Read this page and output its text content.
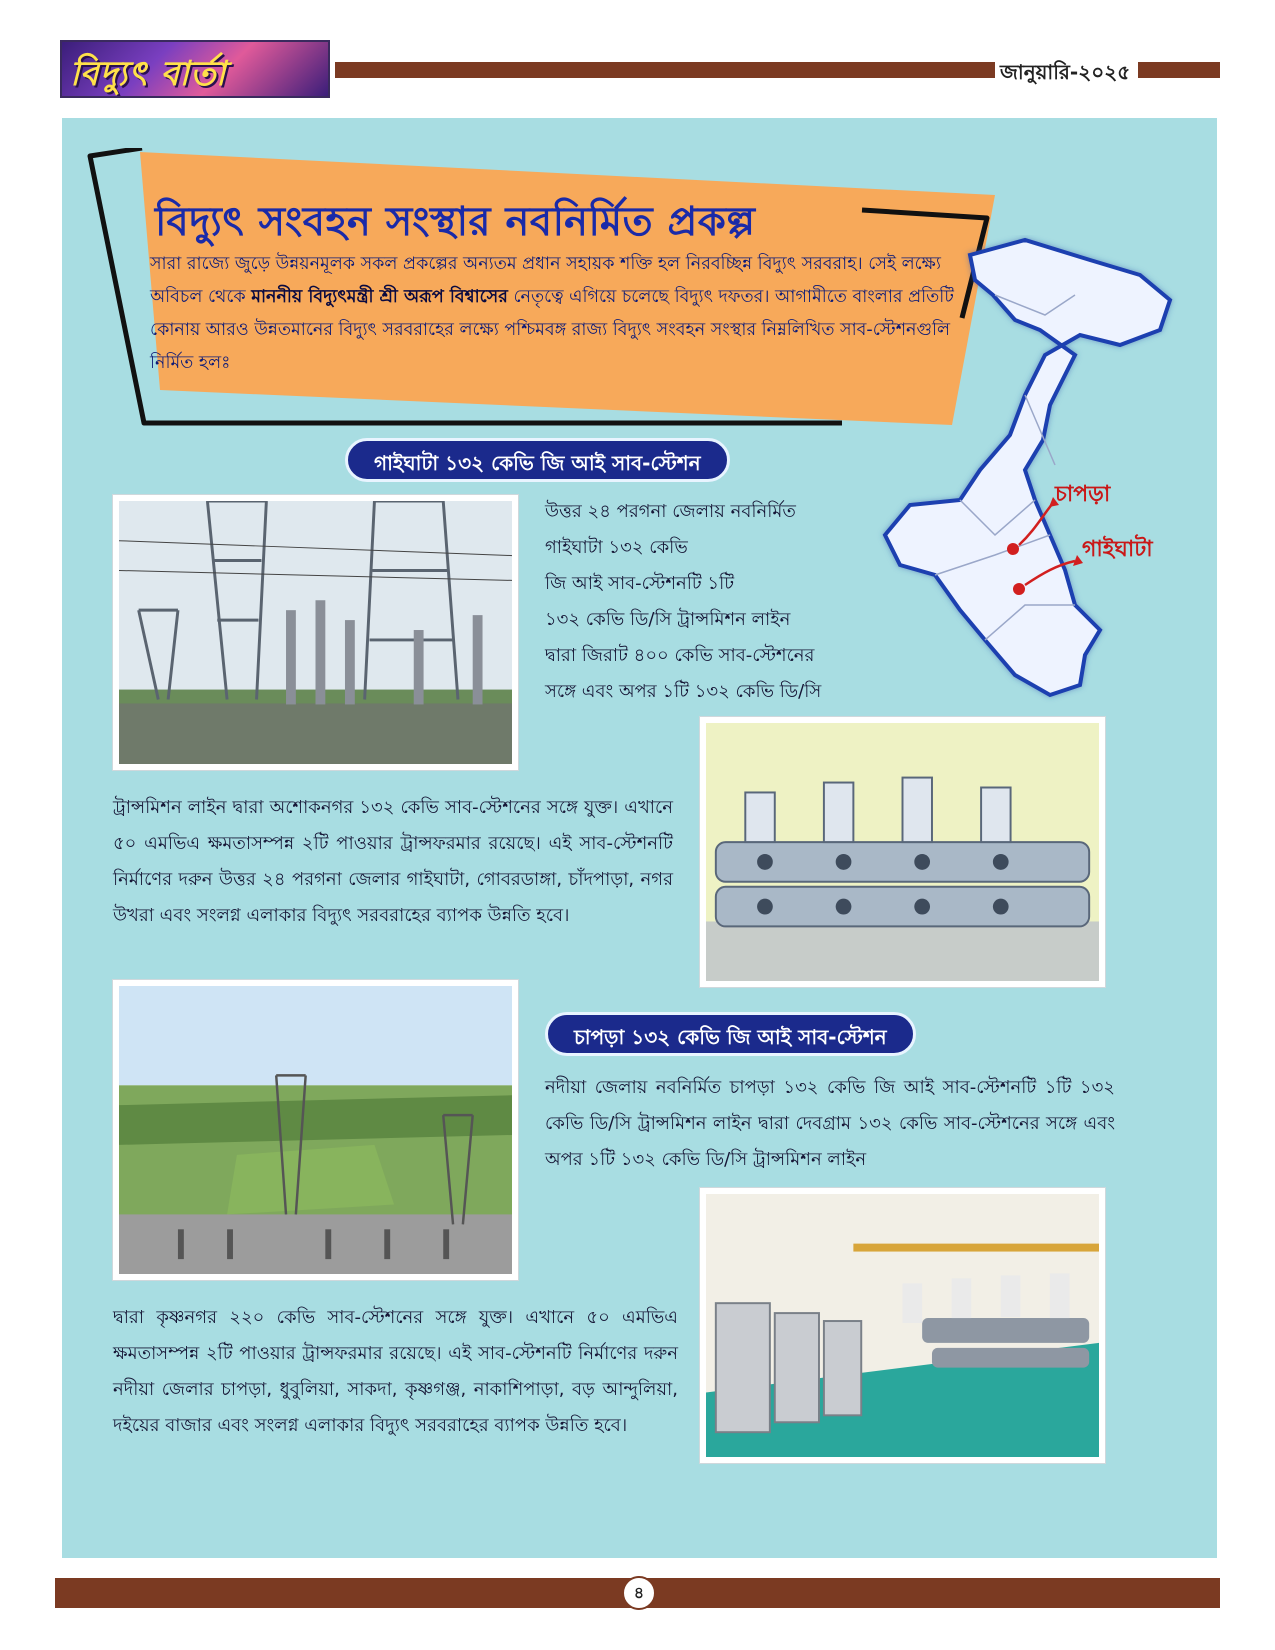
বিদ্যুৎ বার্তা	জানুয়ারি-২০২৫
বিদ্যুৎ সংবহন সংস্থার নবনির্মিত প্রকল্প
সারা রাজ্যে জুড়ে উন্নয়নমূলক সকল প্রকল্পের অন্যতম প্রধান সহায়ক শক্তি হল নিরবচ্ছিন্ন বিদ্যুৎ সরবরাহ। সেই লক্ষ্যে অবিচল থেকে মাননীয় বিদ্যুৎমন্ত্রী শ্রী অরূপ বিশ্বাসের নেতৃত্বে এগিয়ে চলেছে বিদ্যুৎ দফতর। আগামীতে বাংলার প্রতিটি কোনায় আরও উন্নতমানের বিদ্যুৎ সরবরাহের লক্ষ্যে পশ্চিমবঙ্গ রাজ্য বিদ্যুৎ সংবহন সংস্থার নিম্নলিখিত সাব-স্টেশনগুলি নির্মিত হলঃ
চাপড়া
গাইঘাটা
গাইঘাটা ১৩২ কেভি জি আই সাব-স্টেশন
উত্তর ২৪ পরগনা জেলায় নবনির্মিত
গাইঘাটা ১৩২ কেভি
জি আই সাব-স্টেশনটি ১টি
১৩২ কেভি ডি/সি ট্রান্সমিশন লাইন
দ্বারা জিরাট ৪০০ কেভি সাব-স্টেশনের
সঙ্গে এবং অপর ১টি ১৩২ কেভি ডি/সি
ট্রান্সমিশন লাইন দ্বারা অশোকনগর ১৩২ কেভি সাব-স্টেশনের সঙ্গে যুক্ত। এখানে ৫০ এমভিএ ক্ষমতাসম্পন্ন ২টি পাওয়ার ট্রান্সফরমার রয়েছে। এই সাব-স্টেশনটি নির্মাণের দরুন উত্তর ২৪ পরগনা জেলার গাইঘাটা, গোবরডাঙ্গা, চাঁদপাড়া, নগর উখরা এবং সংলগ্ন এলাকার বিদ্যুৎ সরবরাহের ব্যাপক উন্নতি হবে।
চাপড়া ১৩২ কেভি জি আই সাব-স্টেশন
নদীয়া জেলায় নবনির্মিত চাপড়া ১৩২ কেভি জি আই সাব-স্টেশনটি ১টি ১৩২ কেভি ডি/সি ট্রান্সমিশন লাইন দ্বারা দেবগ্রাম ১৩২ কেভি সাব-স্টেশনের সঙ্গে এবং অপর ১টি ১৩২ কেভি ডি/সি ট্রান্সমিশন লাইন
দ্বারা কৃষ্ণনগর ২২০ কেভি সাব-স্টেশনের সঙ্গে যুক্ত। এখানে ৫০ এমভিএ ক্ষমতাসম্পন্ন ২টি পাওয়ার ট্রান্সফরমার রয়েছে। এই সাব-স্টেশনটি নির্মাণের দরুন নদীয়া জেলার চাপড়া, ধুবুলিয়া, সাকদা, কৃষ্ণগঞ্জ, নাকাশিপাড়া, বড় আন্দুলিয়া, দইয়ের বাজার এবং সংলগ্ন এলাকার বিদ্যুৎ সরবরাহের ব্যাপক উন্নতি হবে।
৪
